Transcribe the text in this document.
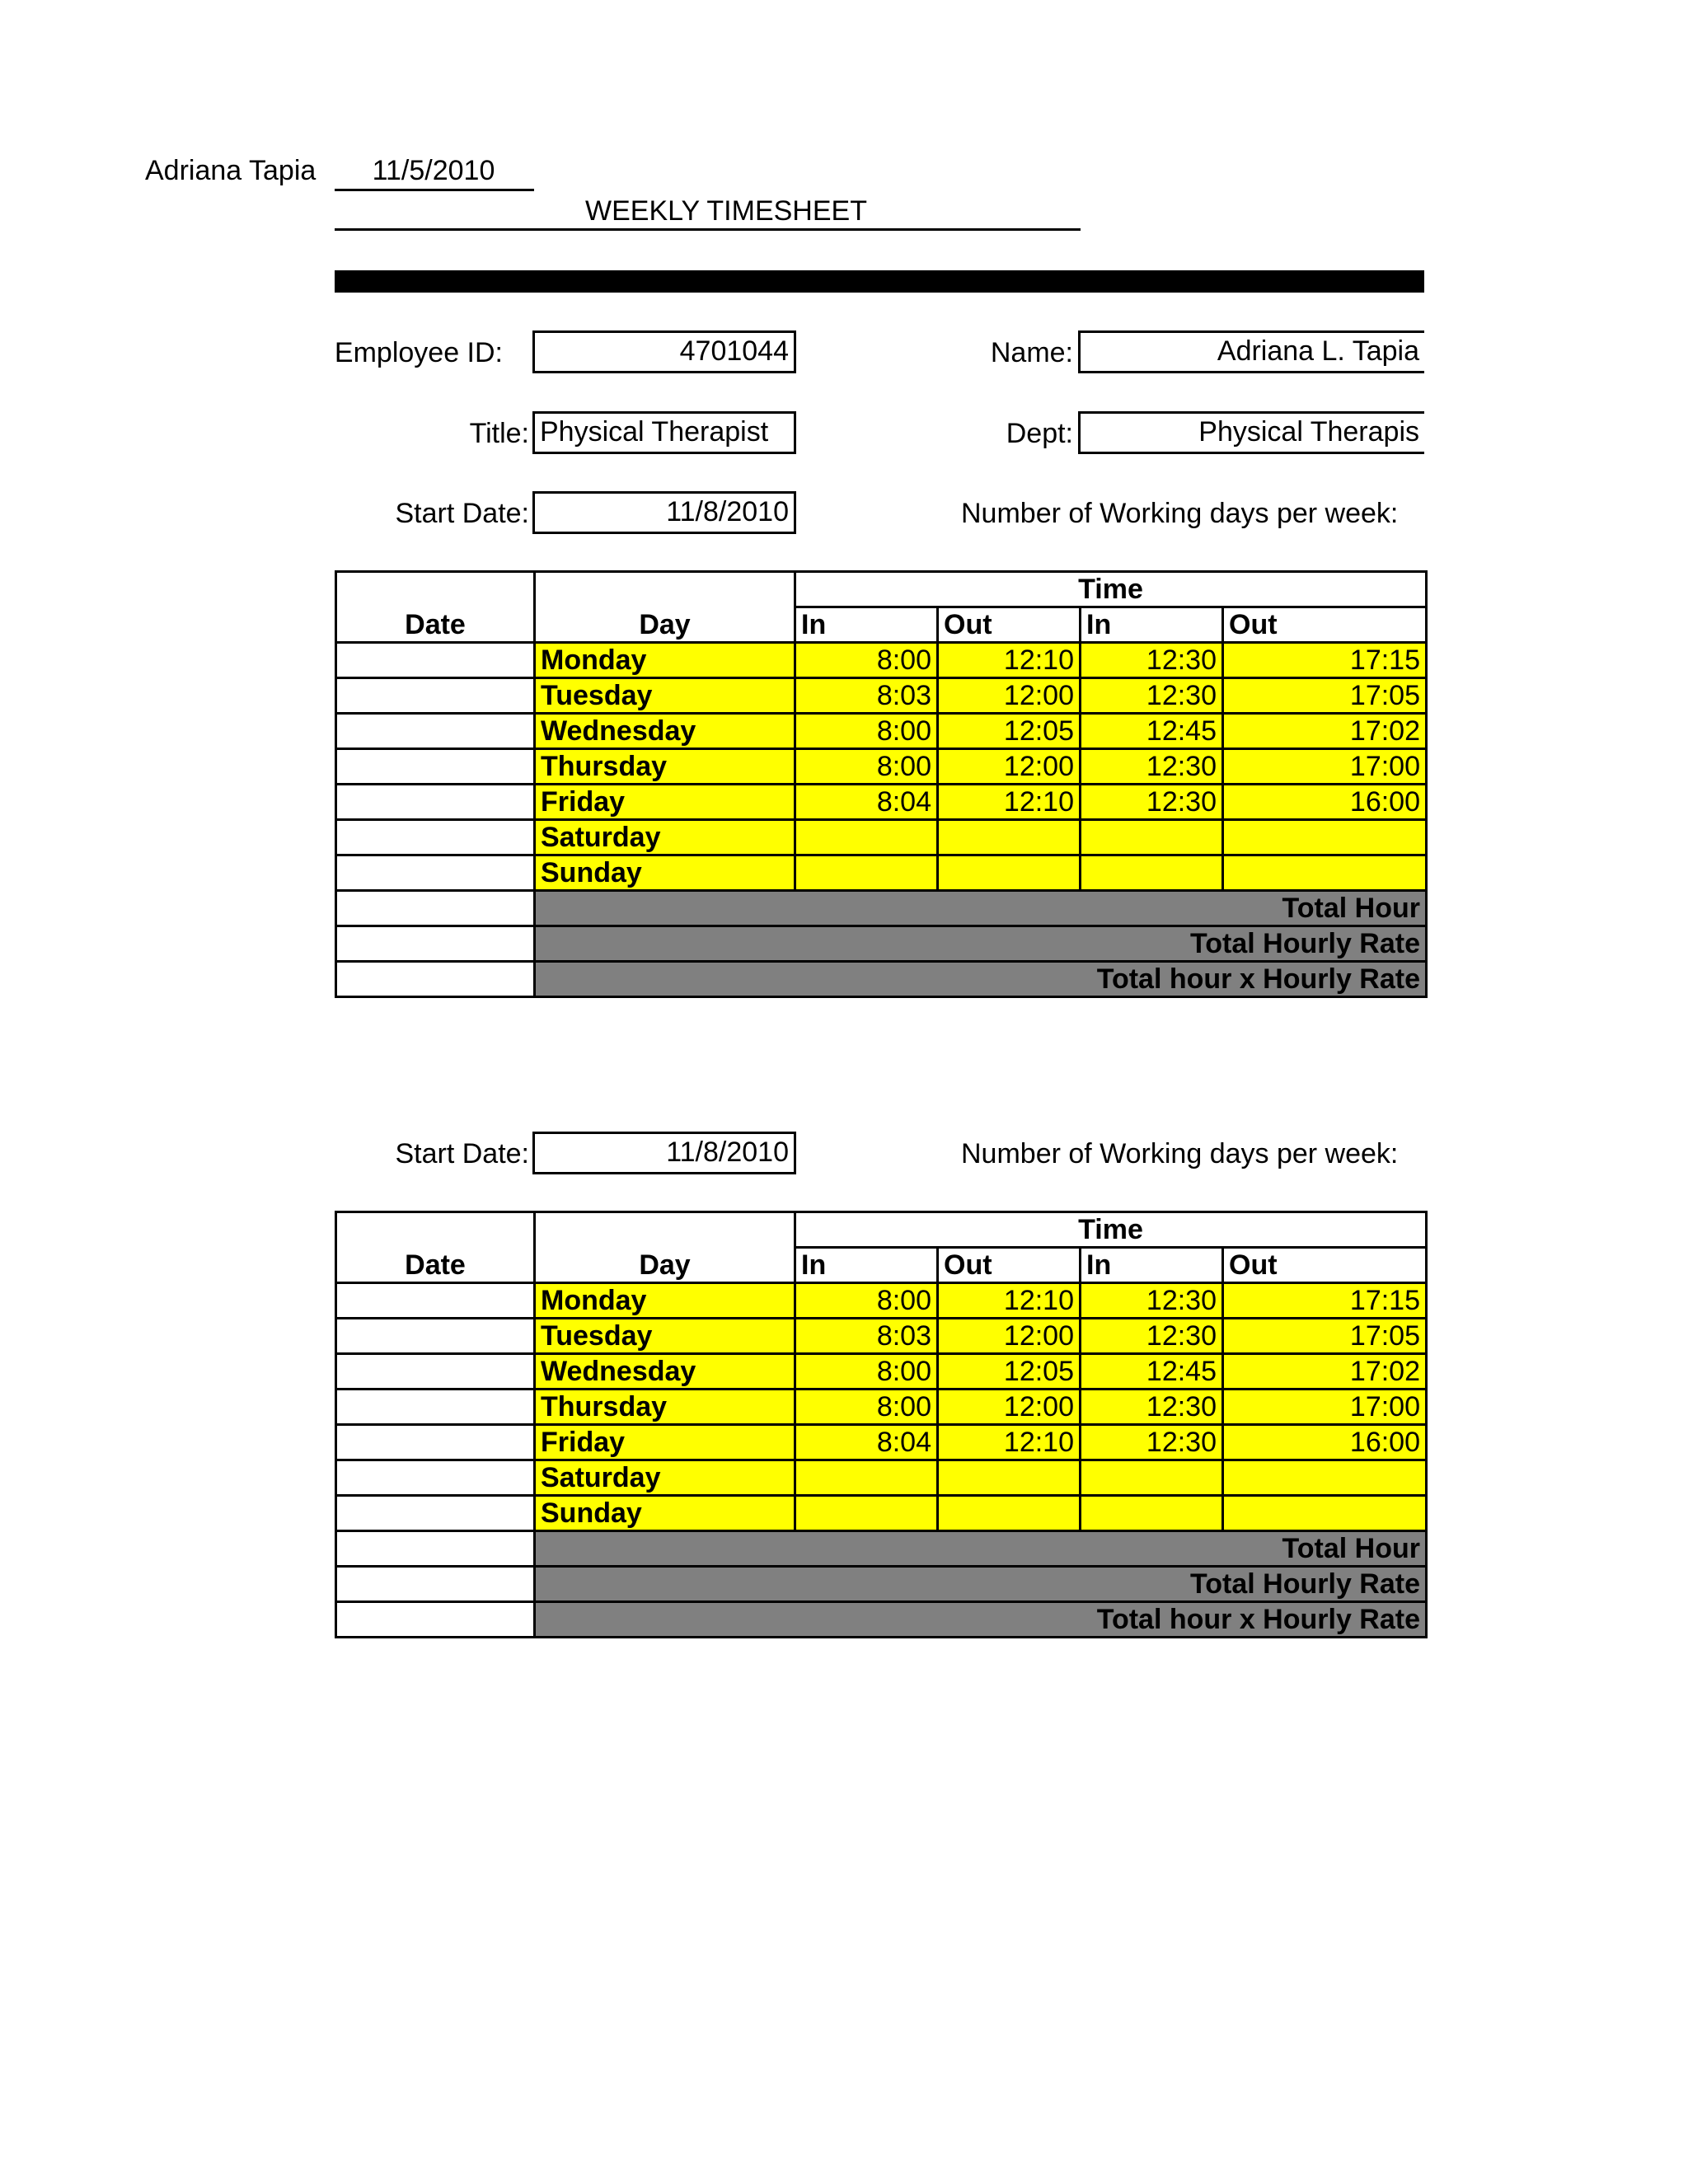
Adriana Tapia	11/5/2010
WEEKLY TIMESHEET
Employee ID:	4701044	Name:	Adriana L. Tapia
Title: Physical Therapist	Dept:	Physical Therapis
Start Date:	11/8/2010	Number of Working days per week:
Date	Day	Time			
		In	Out	In	Out
	Monday	8:00	12:10	12:30	17:15
	Tuesday	8:03	12:00	12:30	17:05
	Wednesday	8:00	12:05	12:45	17:02
	Thursday	8:00	12:00	12:30	17:00
	Friday	8:04	12:10	12:30	16:00
	Saturday				
	Sunday				
	Total Hour				
	Total Hourly Rate				
	Total hour x Hourly Rate				
Start Date:	11/8/2010	Number of Working days per week:
Date	Day	Time			
		In	Out	In	Out
	Monday	8:00	12:10	12:30	17:15
	Tuesday	8:03	12:00	12:30	17:05
	Wednesday	8:00	12:05	12:45	17:02
	Thursday	8:00	12:00	12:30	17:00
	Friday	8:04	12:10	12:30	16:00
	Saturday				
	Sunday				
	Total Hour				
	Total Hourly Rate				
	Total hour x Hourly Rate				
